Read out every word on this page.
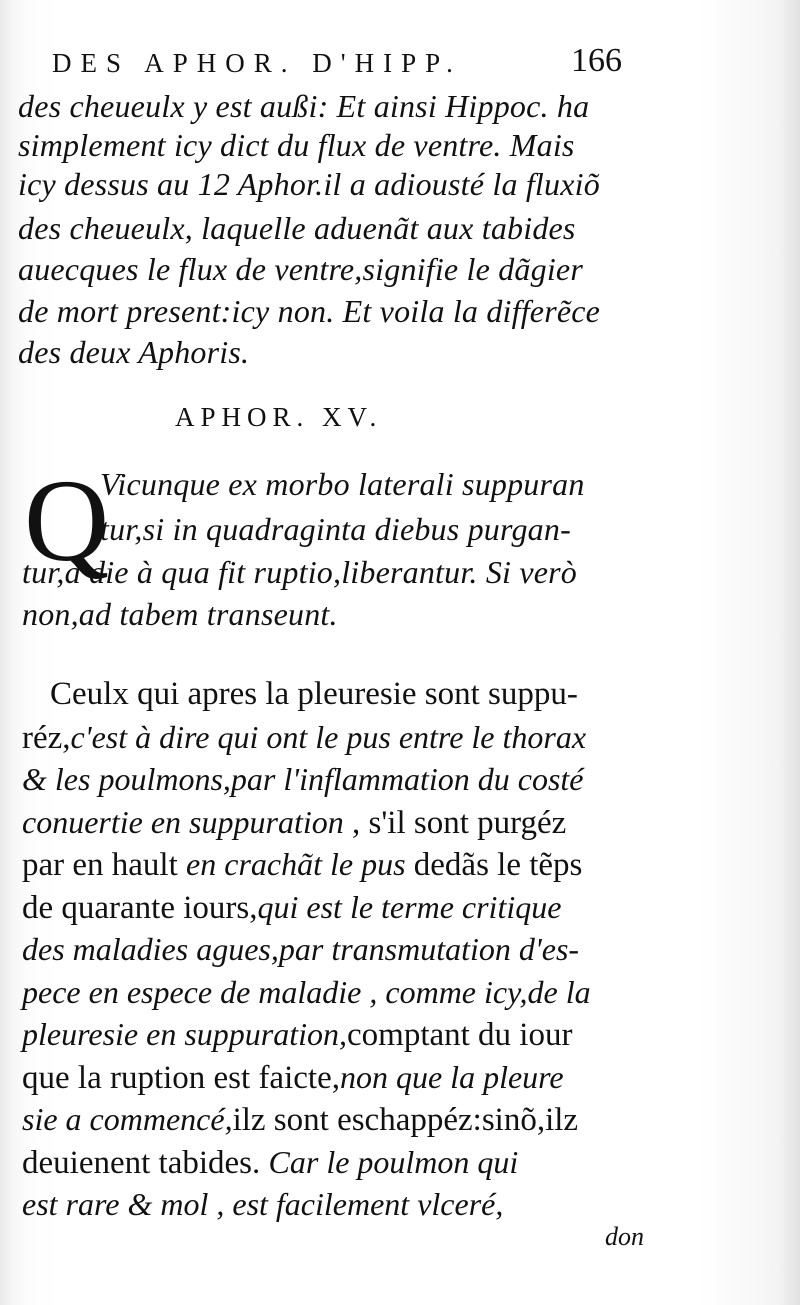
DES APHOR. D'HIPP.	166
des cheueulx y est außi: Et ainsi Hippoc. ha
simplement icy dict du flux de ventre. Mais
icy dessus au 12 Aphor.il a adiousté la fluxiõ
des cheueulx, laquelle aduenãt aux tabides
auecques le flux de ventre,signifie le dãgier
de mort present:icy non. Et voila la differẽce
des deux Aphoris.
APHOR. XV.
Q
Vicunque ex morbo laterali suppuran
tur,si in quadraginta diebus purgan-
tur,à die à qua fit ruptio,liberantur. Si verò
non,ad tabem transeunt.
Ceulx qui apres la pleuresie sont suppu-
réz,c'est à dire qui ont le pus entre le thorax
& les poulmons,par l'inflammation du costé
conuertie en suppuration , s'il sont purgéz
par en hault en crachãt le pus dedãs le tẽps
de quarante iours,qui est le terme critique
des maladies agues,par transmutation d'es-
pece en espece de maladie , comme icy,de la
pleuresie en suppuration,comptant du iour
que la ruption est faicte,non que la pleure
sie a commencé,ilz sont eschappéz:sinõ,ilz
deuienent tabides. Car le poulmon qui
est rare & mol , est facilement vlceré,
don
